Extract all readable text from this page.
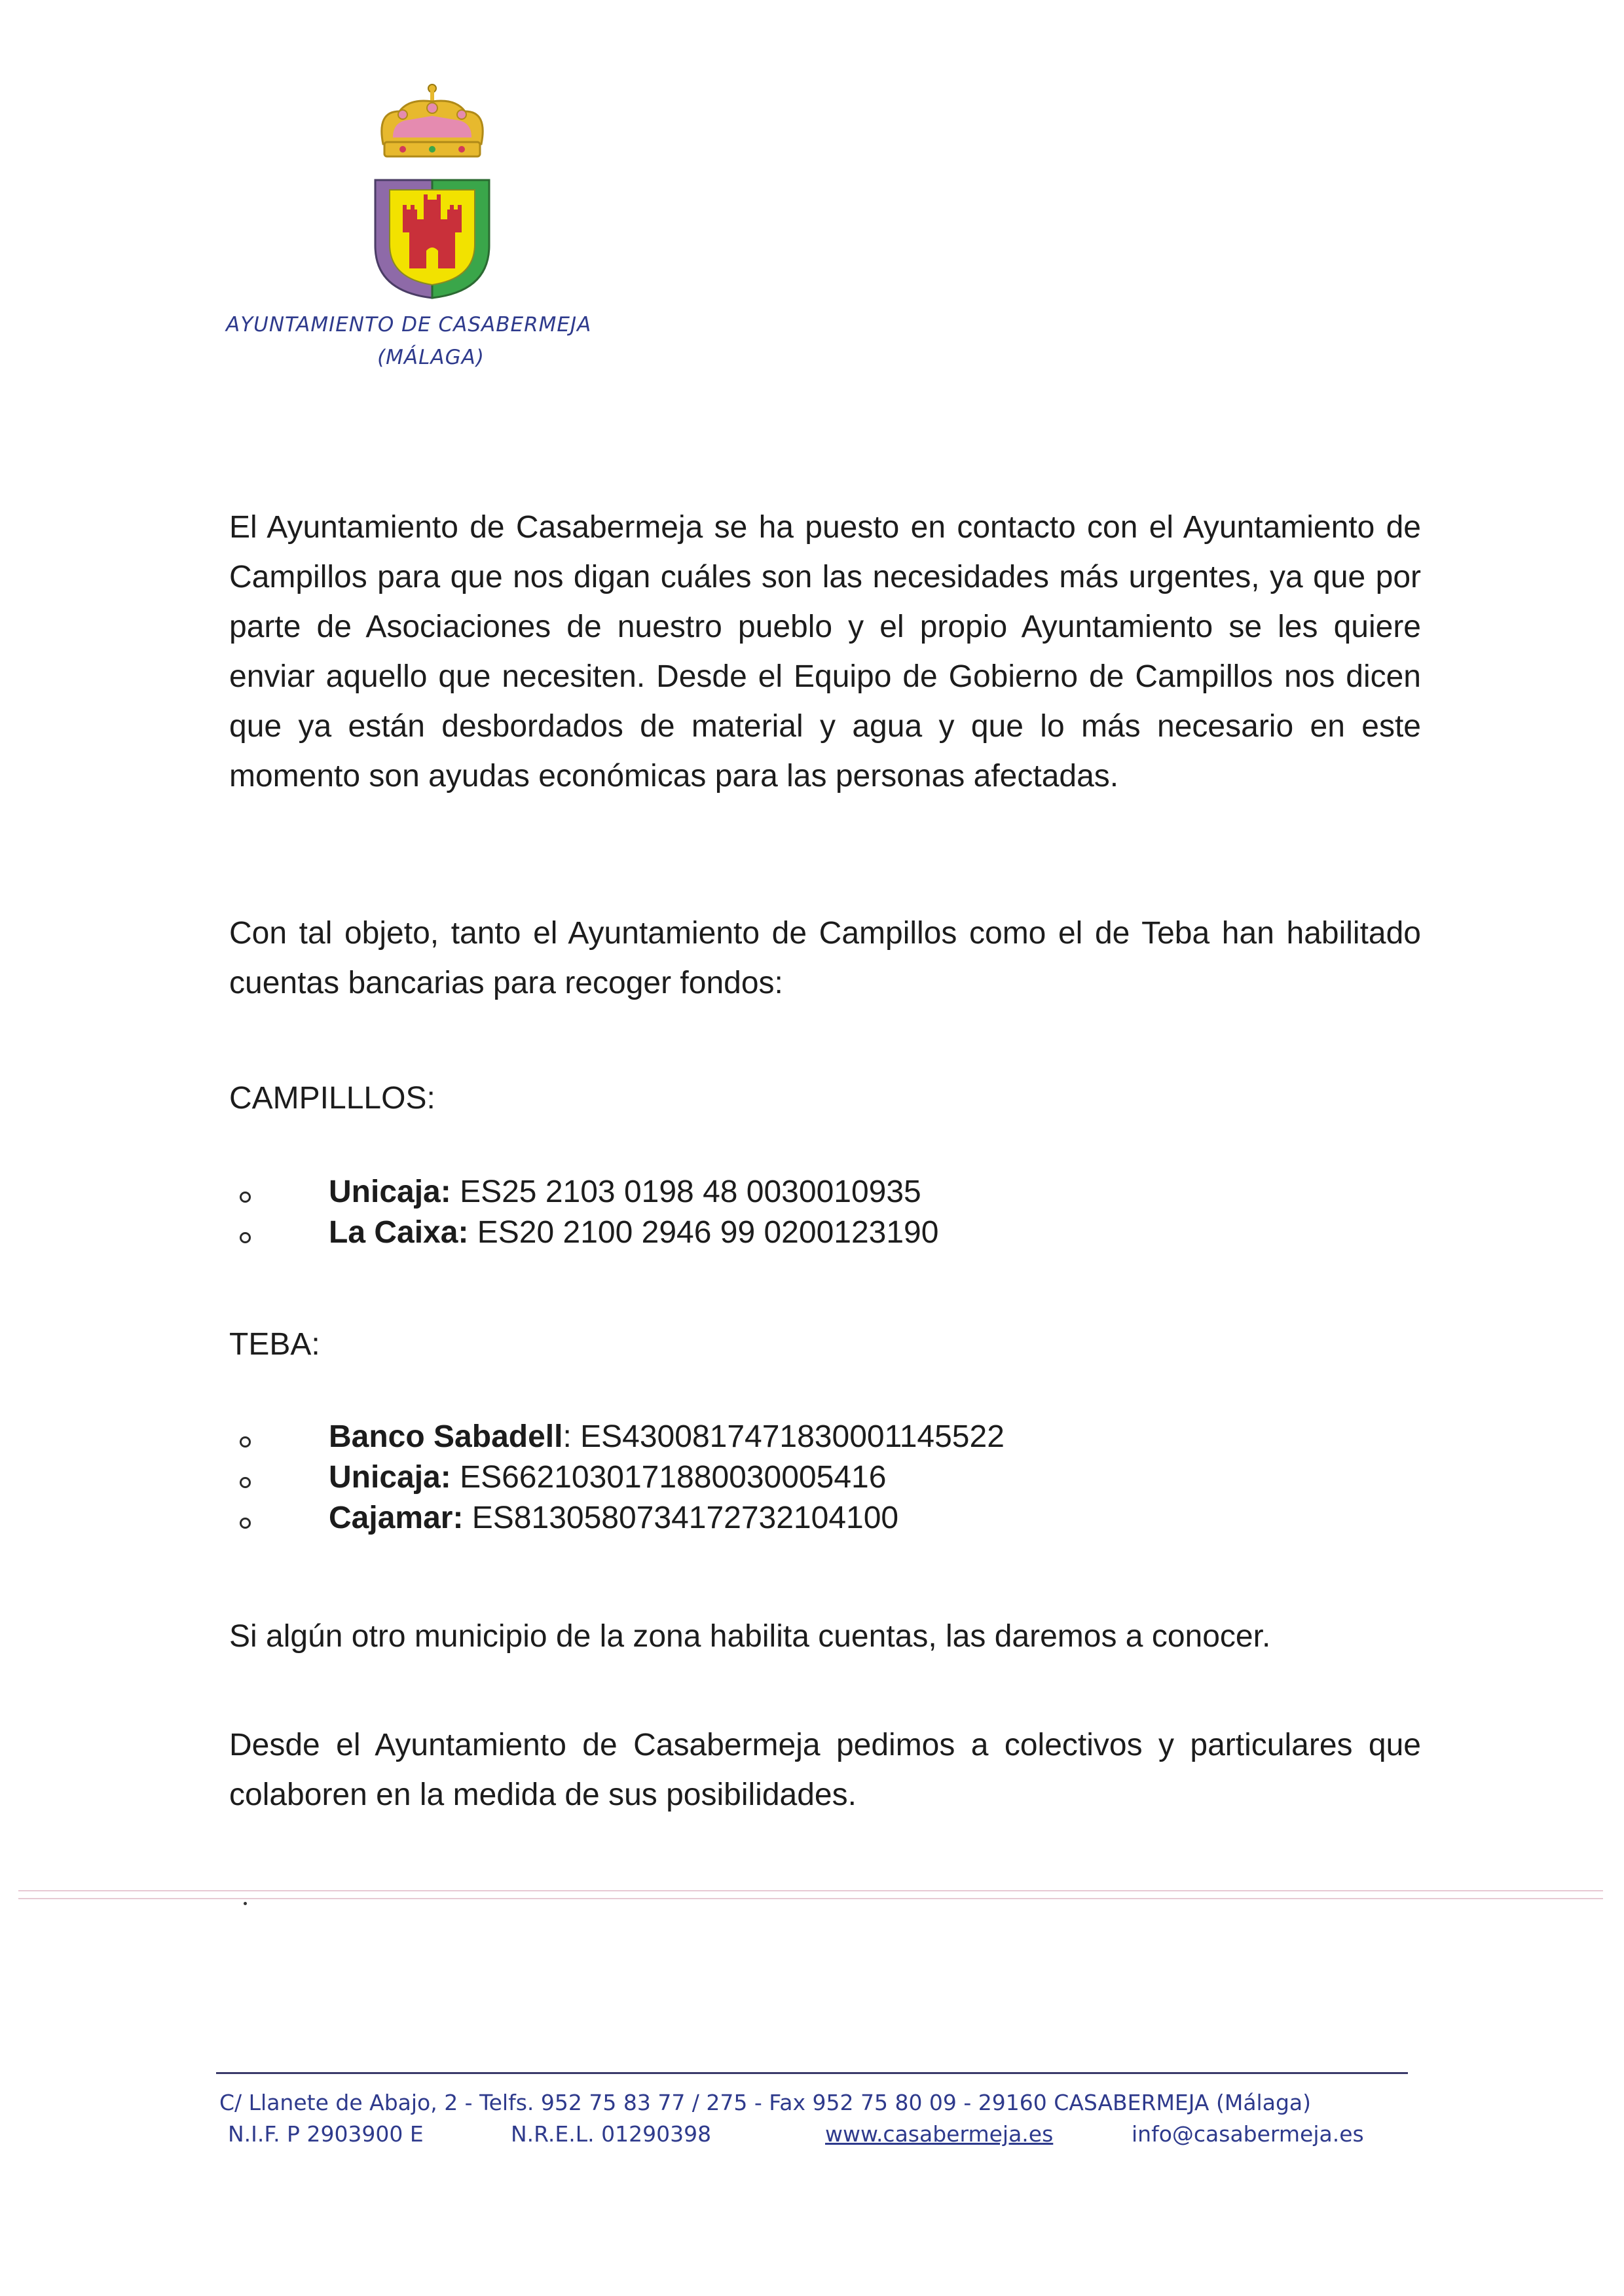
AYUNTAMIENTO DE CASABERMEJA
(MÁLAGA)

El Ayuntamiento de Casabermeja se ha puesto en contacto con el Ayuntamiento de Campillos para que nos digan cuáles son las necesidades más urgentes, ya que por parte de Asociaciones de nuestro pueblo y el propio Ayuntamiento se les quiere enviar aquello que necesiten. Desde el Equipo de Gobierno de Campillos nos dicen que ya están desbordados de material y agua y que lo más necesario en este momento son ayudas económicas para las personas afectadas.

Con tal objeto, tanto el Ayuntamiento de Campillos como el de Teba han habilitado cuentas bancarias para recoger fondos:

CAMPILLLOS:

Unicaja: ES25 2103 0198 48 0030010935
La Caixa: ES20 2100 2946 99 0200123190

TEBA:

Banco Sabadell: ES4300817471830001145522
Unicaja: ES6621030171880030005416
Cajamar: ES8130580734172732104100

Si algún otro municipio de la zona habilita cuentas, las daremos a conocer.

Desde el Ayuntamiento de Casabermeja pedimos a colectivos y particulares que colaboren en la medida de sus posibilidades.

C/ Llanete de Abajo, 2 - Telfs. 952 75 83 77 / 275 - Fax 952 75 80 09 - 29160 CASABERMEJA (Málaga)
N.I.F. P 2903900 E	N.R.E.L. 01290398	www.casabermeja.es	info@casabermeja.es
